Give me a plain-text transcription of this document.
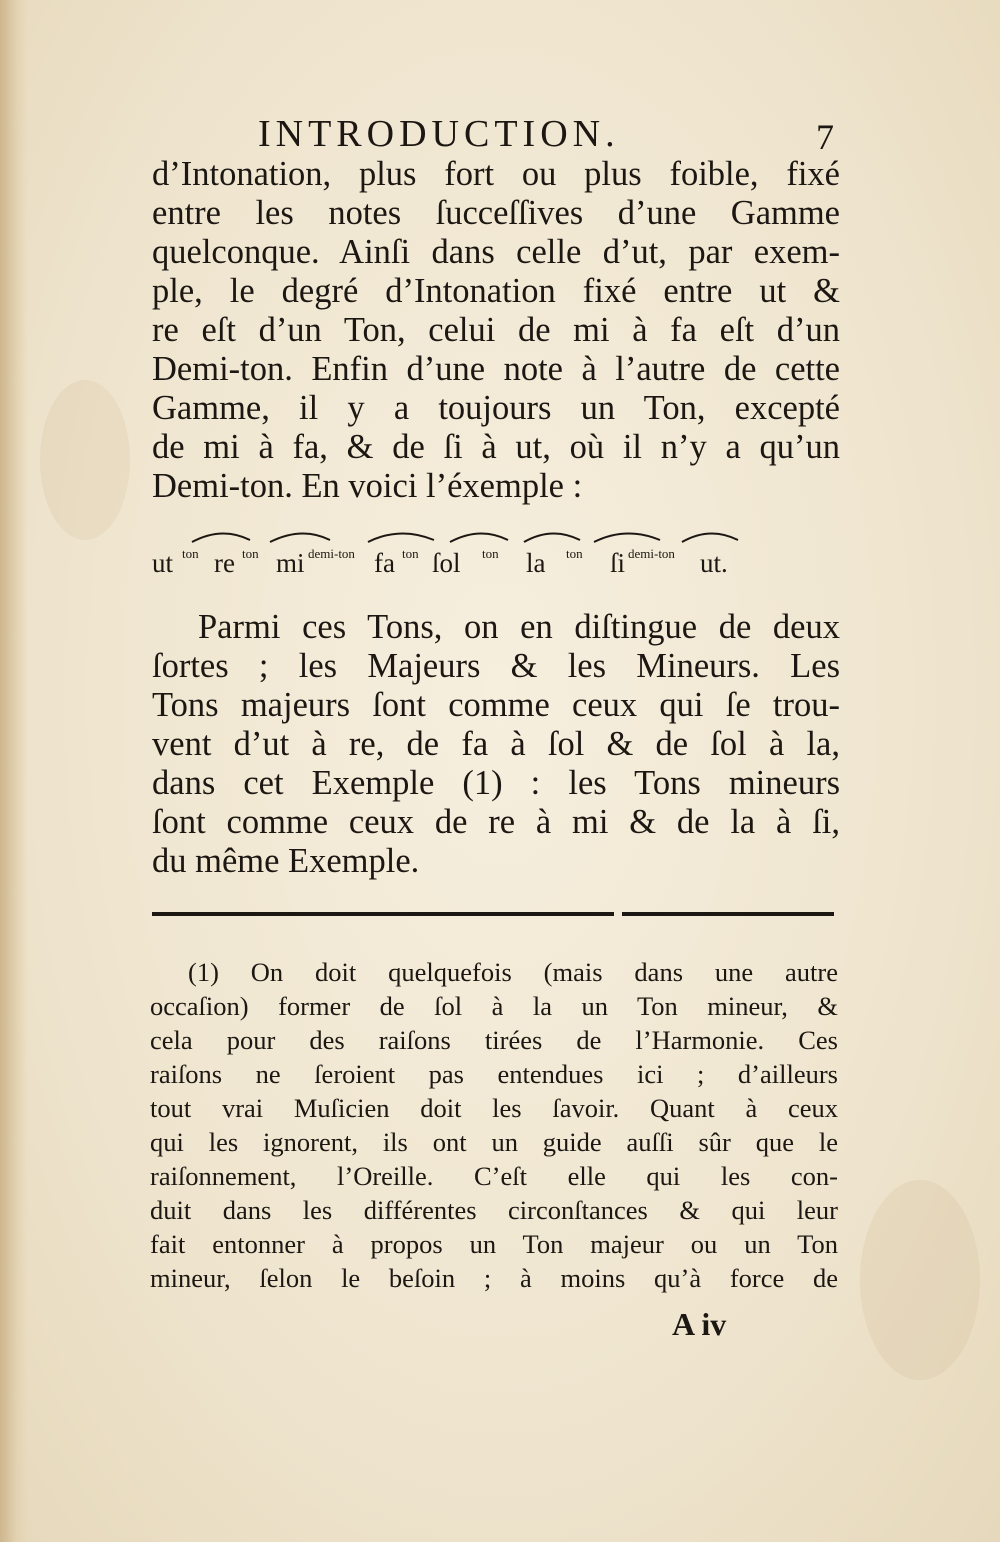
INTRODUCTION.	7
d’Intonation, plus fort ou plus foible, fixé
entre les notes ſucceſſives d’une Gamme
quelconque. Ainſi dans celle d’ut, par exem-
ple, le degré d’Intonation fixé entre ut &
re eſt d’un Ton, celui de mi à fa eſt d’un
Demi-ton. Enfin d’une note à l’autre de cette
Gamme, il y a toujours un Ton, excepté
de mi à fa, & de ſi à ut, où il n’y a qu’un
Demi-ton. En voici l’éxemple :
ut ton re ton mi demi-ton fa ton ſol ton la ton ſi demi-ton ut.
Parmi ces Tons, on en diſtingue de deux
ſortes ; les Majeurs & les Mineurs. Les
Tons majeurs ſont comme ceux qui ſe trou-
vent d’ut à re, de fa à ſol & de ſol à la,
dans cet Exemple (1) : les Tons mineurs
ſont comme ceux de re à mi & de la à ſi,
du même Exemple.
(1) On doit quelquefois (mais dans une autre
occaſion) former de ſol à la un Ton mineur, &
cela pour des raiſons tirées de l’Harmonie. Ces
raiſons ne ſeroient pas entendues ici ; d’ailleurs
tout vrai Muſicien doit les ſavoir. Quant à ceux
qui les ignorent, ils ont un guide auſſi sûr que le
raiſonnement, l’Oreille. C’eſt elle qui les con-
duit dans les différentes circonſtances & qui leur
fait entonner à propos un Ton majeur ou un Ton
mineur, ſelon le beſoin ; à moins qu’à force de
A iv
